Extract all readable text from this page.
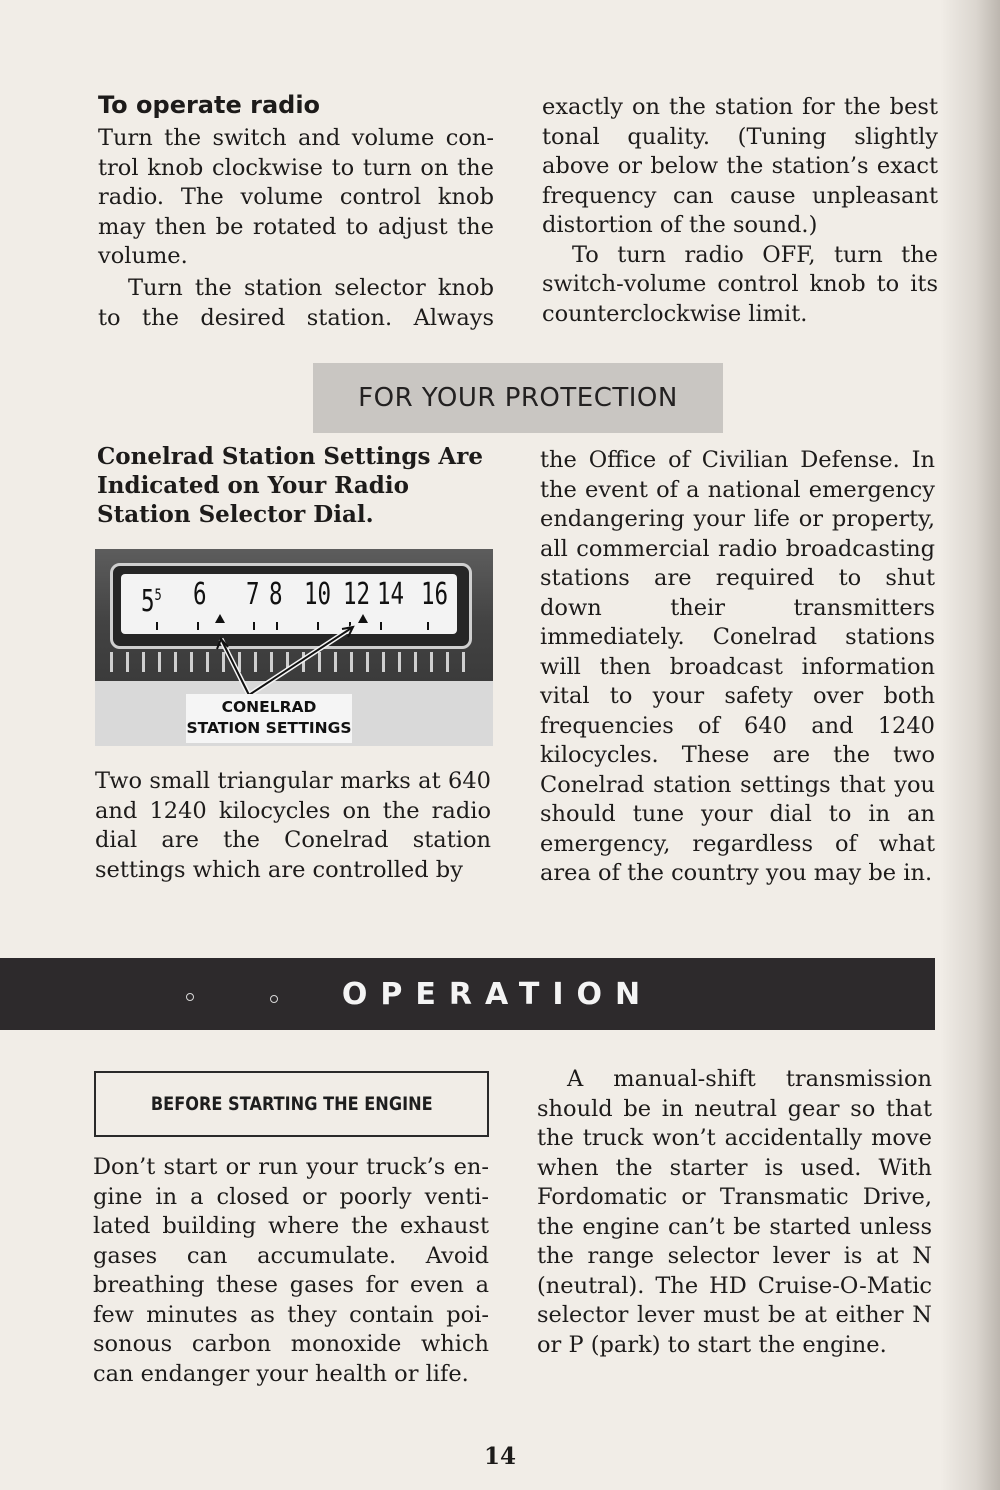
To operate radio

Turn the switch and volume control knob clockwise to turn on the radio. The volume control knob may then be rotated to adjust the volume.

Turn the station selector knob to the desired station. Always

exactly on the station for the best tonal quality. (Tuning slightly above or below the station’s exact frequency can cause unpleasant distortion of the sound.)

To turn radio OFF, turn the switch-volume control knob to its counterclockwise limit.

FOR YOUR PROTECTION
Conelrad Station Settings Are Indicated on Your Radio Station Selector Dial.
$5^5$ 6 7 8 10 12 14 16
CONELRAD
STATION SETTINGS

Two small triangular marks at 640 and 1240 kilocycles on the radio dial are the Conelrad station settings which are controlled by

the Office of Civilian Defense. In the event of a national emergency endangering your life or property, all commercial radio broadcasting stations are required to shut down their transmitters immediately. Conelrad stations will then broadcast information vital to your safety over both frequencies of 640 and 1240 kilocycles. These are the two Conelrad station settings that you should tune your dial to in an emergency, regardless of what area of the country you may be in.

OPERATION
BEFORE STARTING THE ENGINE

Don’t start or run your truck’s engine in a closed or poorly ventilated building where the exhaust gases can accumulate. Avoid breathing these gases for even a few minutes as they contain poisonous carbon monoxide which can endanger your health or life.

A manual-shift transmission should be in neutral gear so that the truck won’t accidentally move when the starter is used. With Fordomatic or Transmatic Drive, the engine can’t be started unless the range selector lever is at N (neutral). The HD Cruise-O-Matic selector lever must be at either N or P (park) to start the engine.

14
